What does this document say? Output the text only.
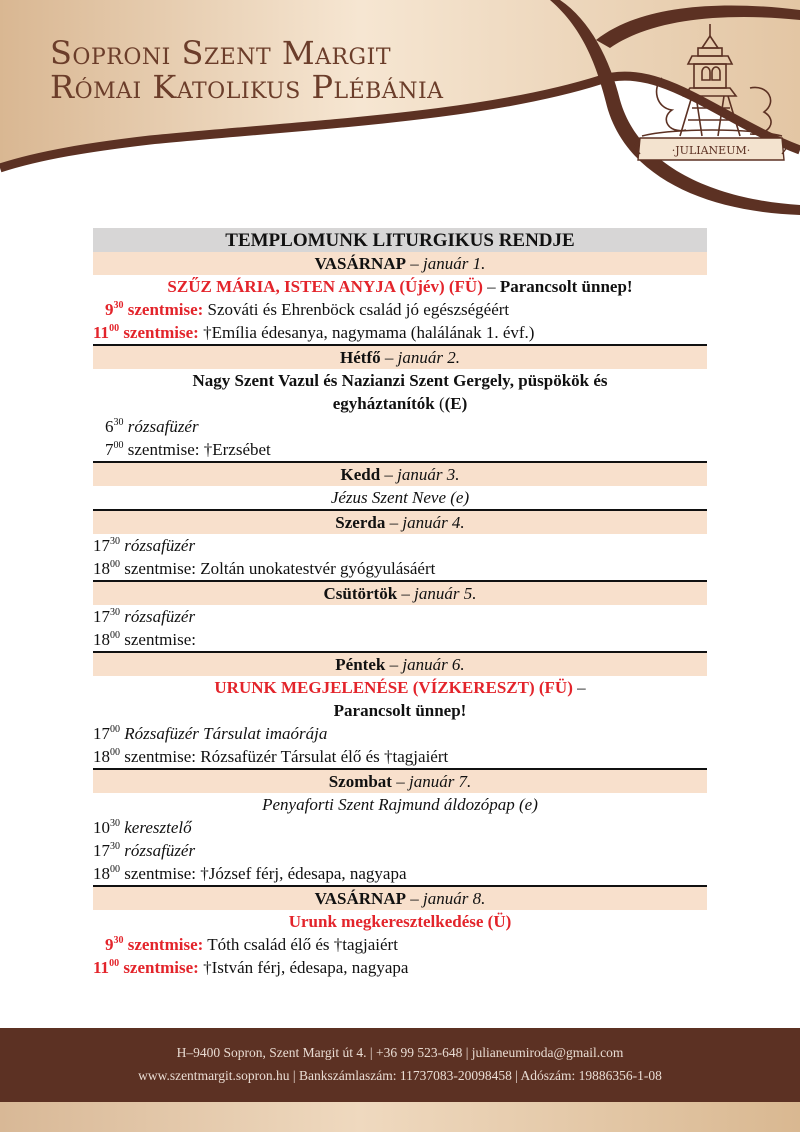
Soproni Szent Margit
Római Katolikus Plébánia
·JULIANEUM·
TEMPLOMUNK LITURGIKUS RENDJE
VASÁRNAP – január 1.
SZŰZ MÁRIA, ISTEN ANYJA (Újév) (FÜ) – Parancsolt ünnep!
$9^{30}$ szentmise: Szováti és Ehrenböck család jó egészségéért
$11^{00}$ szentmise: †Emília édesanya, nagymama (halálának 1. évf.)
Hétfő – január 2.
Nagy Szent Vazul és Nazianzi Szent Gergely, püspökök és
egyháztanítók ((E)
$6^{30}$ rózsafüzér
$7^{00}$ szentmise: †Erzsébet
Kedd – január 3.
Jézus Szent Neve (e)
Szerda – január 4.
$17^{30}$ rózsafüzér
$18^{00}$ szentmise: Zoltán unokatestvér gyógyulásáért
Csütörtök – január 5.
$17^{30}$ rózsafüzér
$18^{00}$ szentmise:
Péntek – január 6.
URUNK MEGJELENÉSE (VÍZKERESZT) (FÜ) –
Parancsolt ünnep!
$17^{00}$ Rózsafüzér Társulat imaórája
$18^{00}$ szentmise: Rózsafüzér Társulat élő és †tagjaiért
Szombat – január 7.
Penyaforti Szent Rajmund áldozópap (e)
$10^{30}$ keresztelő
$17^{30}$ rózsafüzér
$18^{00}$ szentmise: †József férj, édesapa, nagyapa
VASÁRNAP – január 8.
Urunk megkeresztelkedése (Ü)
$9^{30}$ szentmise: Tóth család élő és †tagjaiért
$11^{00}$ szentmise: †István férj, édesapa, nagyapa
H–9400 Sopron, Szent Margit út 4. | +36 99 523-648 | julianeumiroda@gmail.com
www.szentmargit.sopron.hu | Bankszámlaszám: 11737083-20098458 | Adószám: 19886356-1-08
